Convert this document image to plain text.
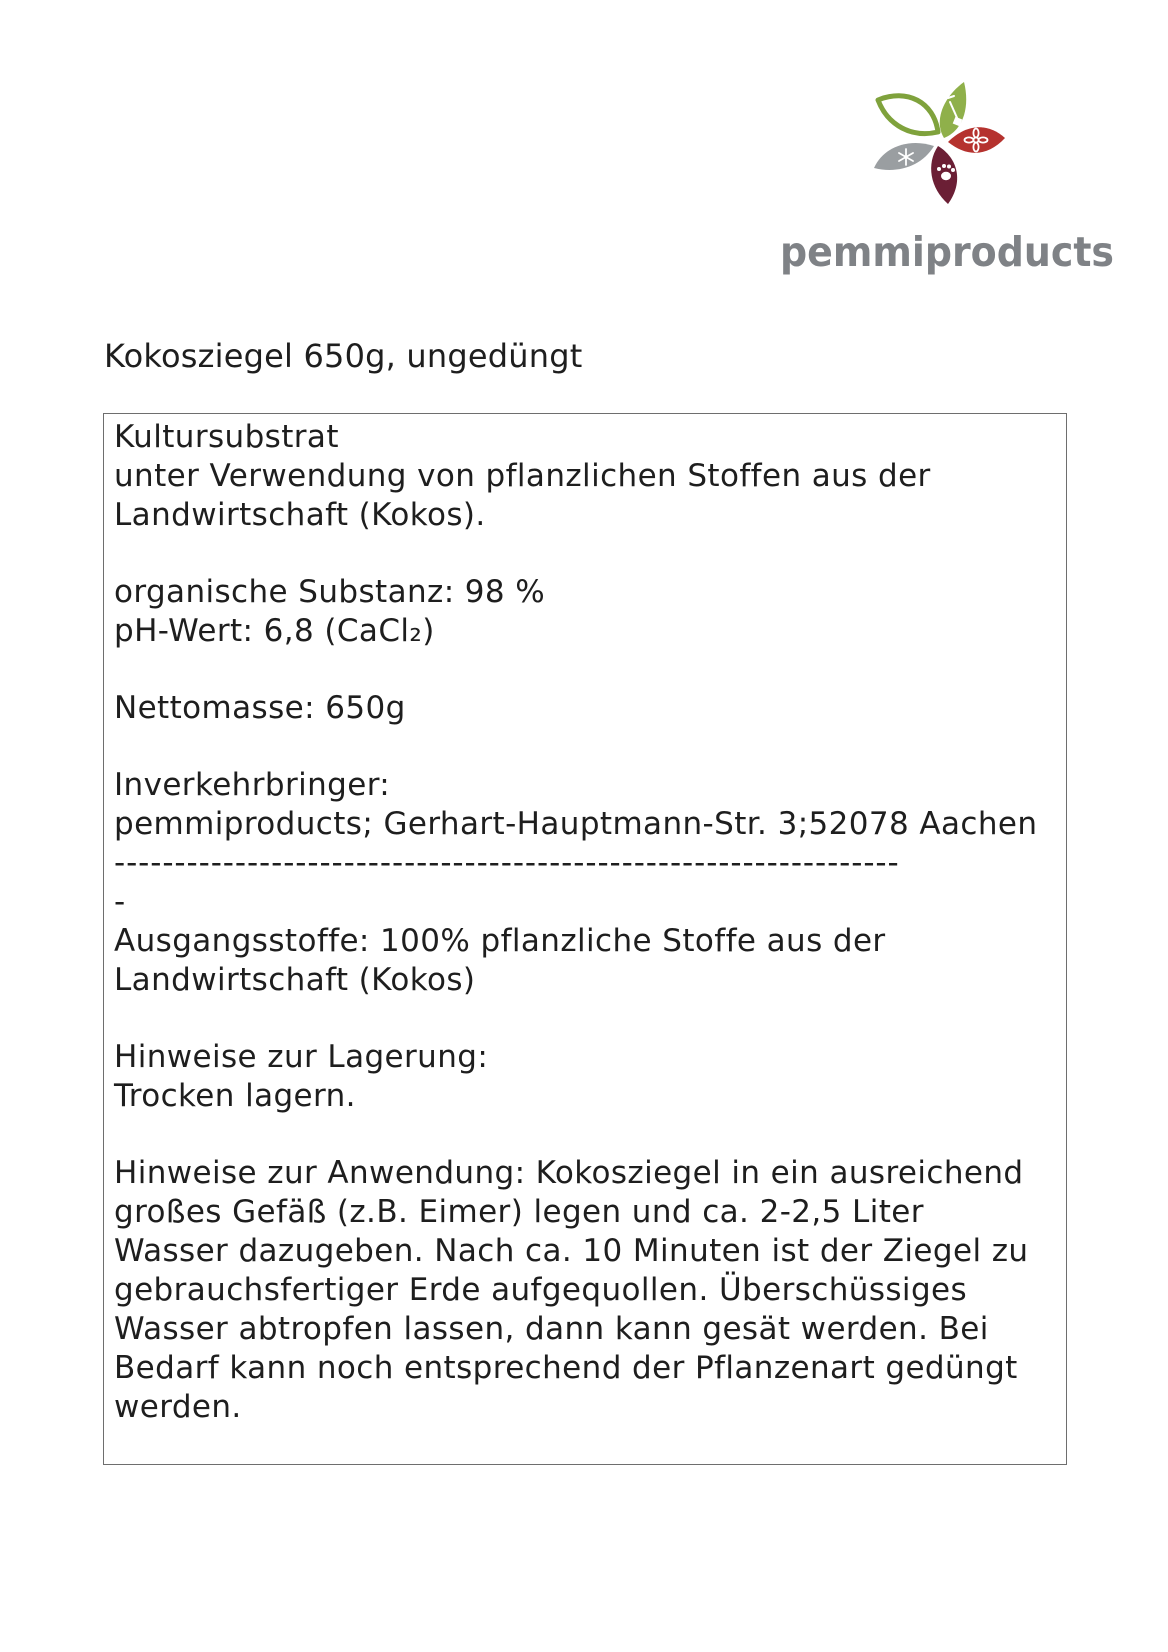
pemmiproducts
Kokosziegel 650g, ungedüngt
Kultursubstrat
unter Verwendung von pflanzlichen Stoffen aus der
Landwirtschaft (Kokos).
organische Substanz: 98 %
pH-Wert: 6,8 (CaCl₂)
Nettomasse: 650g
Inverkehrbringer:
pemmiproducts; Gerhart-Hauptmann-Str. 3;52078 Aachen
-----------------------------------------------------------------
-
Ausgangsstoffe: 100% pflanzliche Stoffe aus der
Landwirtschaft (Kokos)
Hinweise zur Lagerung:
Trocken lagern.
Hinweise zur Anwendung: Kokosziegel in ein ausreichend
großes Gefäß (z.B. Eimer) legen und ca. 2-2,5 Liter
Wasser dazugeben. Nach ca. 10 Minuten ist der Ziegel zu
gebrauchsfertiger Erde aufgequollen. Überschüssiges
Wasser abtropfen lassen, dann kann gesät werden. Bei
Bedarf kann noch entsprechend der Pflanzenart gedüngt
werden.
